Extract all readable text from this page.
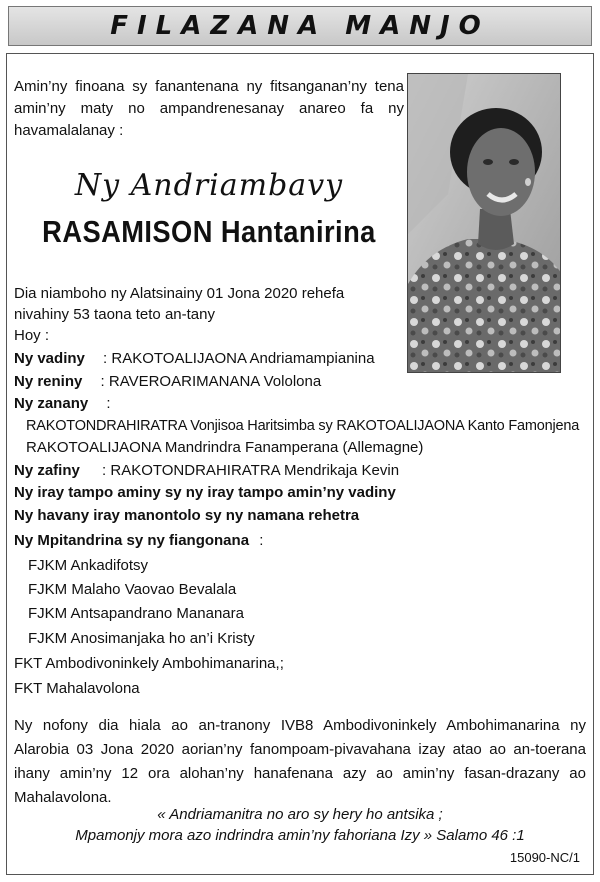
FILAZANA MANJO
Amin’ny finoana sy fanantenana ny fitsanganan’ny tena amin’ny maty no ampandrenesanay anareo fa ny havamalalanay :
Ny Andriambavy
RASAMISON Hantanirina
Dia niamboho ny Alatsinainy 01 Jona 2020 rehefa
nivahiny 53 taona teto an-tany
Hoy :
Ny vadiny : RAKOTOALIJAONA Andriamampianina
Ny reniny : RAVEROARIMANANA Vololona
Ny zanany :
RAKOTONDRAHIRATRA Vonjisoa Haritsimba sy RAKOTOALIJAONA Kanto Famonjena
RAKOTOALIJAONA Mandrindra Fanamperana (Allemagne)
Ny zafiny : RAKOTONDRAHIRATRA Mendrikaja Kevin
Ny iray tampo aminy sy ny iray tampo amin’ny vadiny
Ny havany iray manontolo sy ny namana rehetra
Ny Mpitandrina sy ny fiangonana :
FJKM Ankadifotsy
FJKM Malaho Vaovao Bevalala
FJKM Antsapandrano Mananara
FJKM Anosimanjaka ho an’i Kristy
FKT Ambodivoninkely Ambohimanarina,;
FKT Mahalavolona
Ny nofony dia hiala ao an-tranony IVB8 Ambodivoninkely Ambohimanarina ny Alarobia 03 Jona 2020 aorian’ny fanompoam-pivavahana izay atao ao an-toerana ihany amin’ny 12 ora alohan’ny hanafenana azy ao amin’ny fasan-drazany ao Mahalavolona.
« Andriamanitra no aro sy hery ho antsika ;
Mpamonjy mora azo indrindra amin’ny fahoriana Izy » Salamo 46 :1
15090-NC/1
